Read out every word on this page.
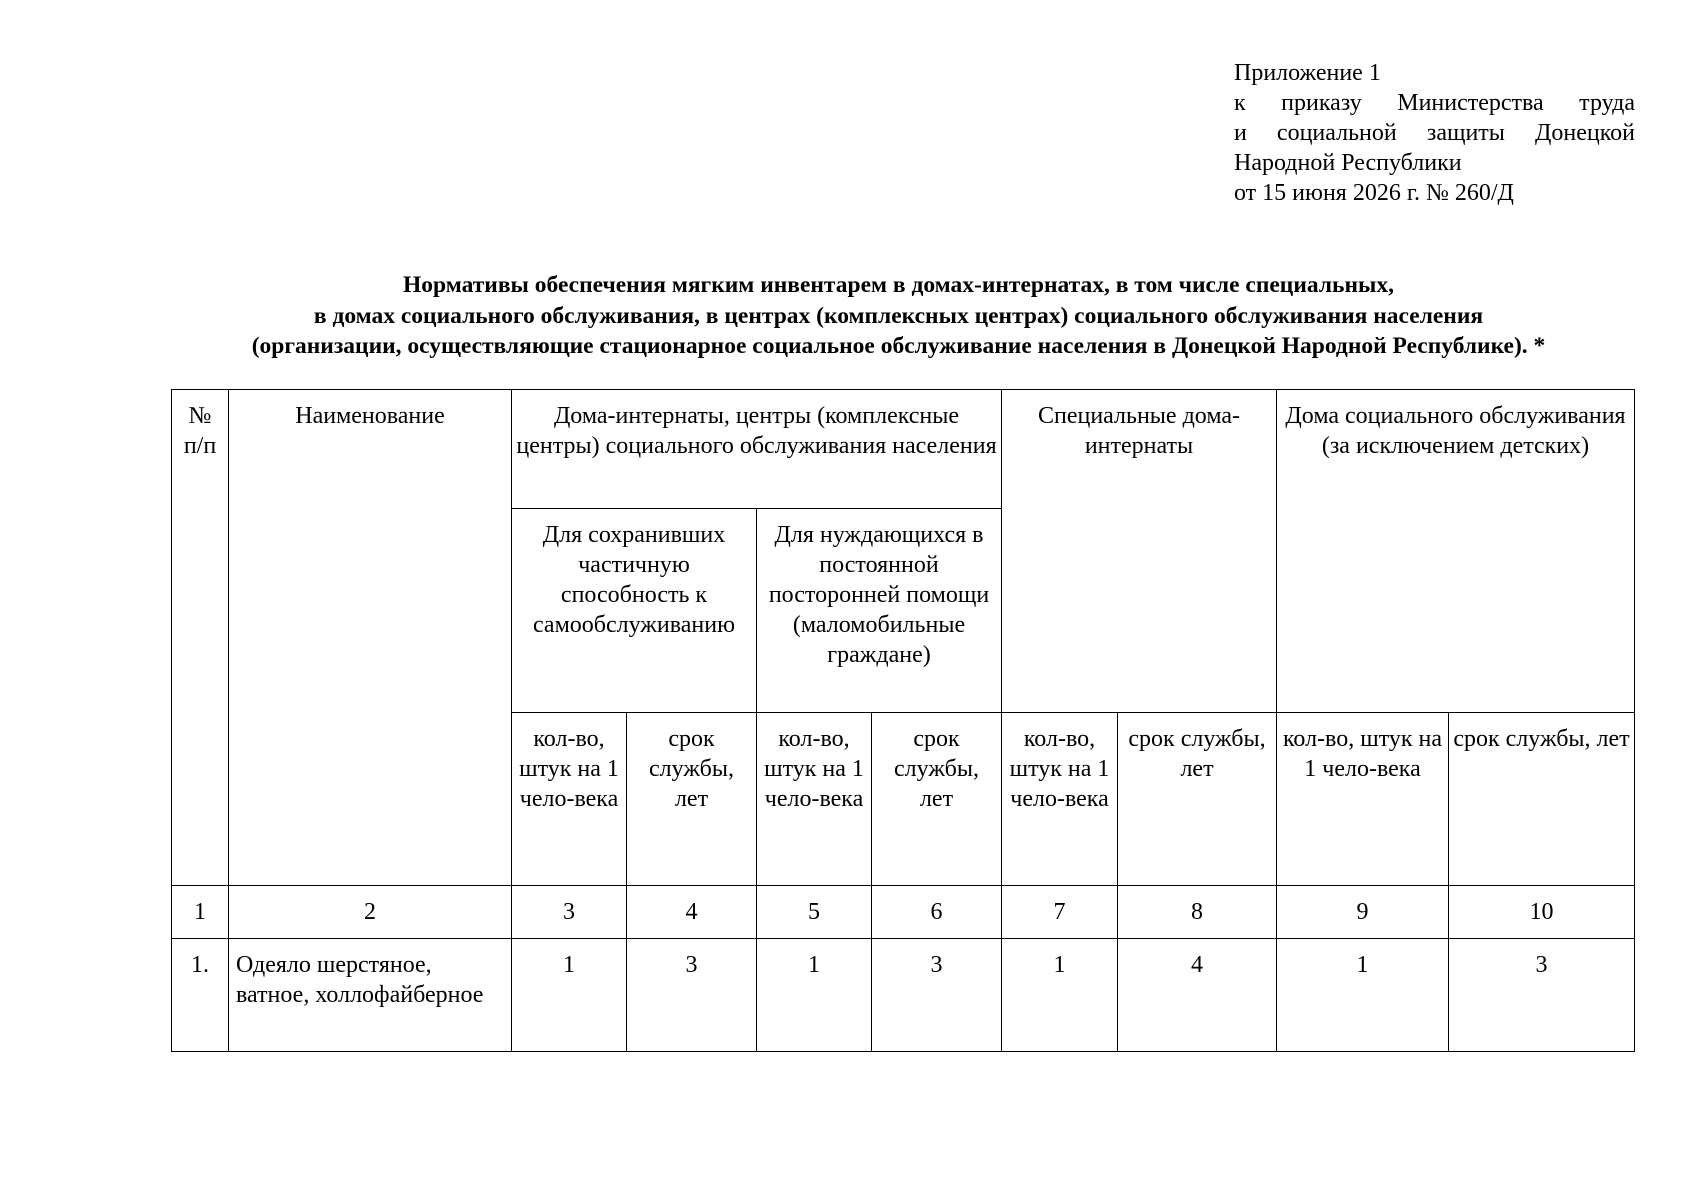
Приложение 1
к приказу Министерства труда
и социальной защиты Донецкой
Народной Республики
от 15 июня 2026 г. № 260/Д
Нормативы обеспечения мягким инвентарем в домах-интернатах, в том числе специальных,
в домах социального обслуживания, в центрах (комплексных центрах) социального обслуживания населения
(организации, осуществляющие стационарное социальное обслуживание населения в Донецкой Народной Республике). *
№ п/п	Наименование	Дома-интернаты, центры (комплексные центры) социального обслуживания населения				Специальные дома-интернаты		Дома социального обслуживания (за исключением детских)	

		Для сохранивших частичную способность к самообслуживанию		Для нуждающихся в постоянной посторонней помощи (маломобильные граждане)					

		кол-во, штук на 1 чело-века	срок службы, лет	кол-во, штук на 1 чело-века	срок службы, лет	кол-во, штук на 1 чело-века	срок службы, лет	кол-во, штук на 1 чело-века	срок службы, лет

1	2	3	4	5	6	7	8	9	10

1.	Одеяло шерстяное, ватное, холлофайберное	1	3	1	3	1	4	1	3
